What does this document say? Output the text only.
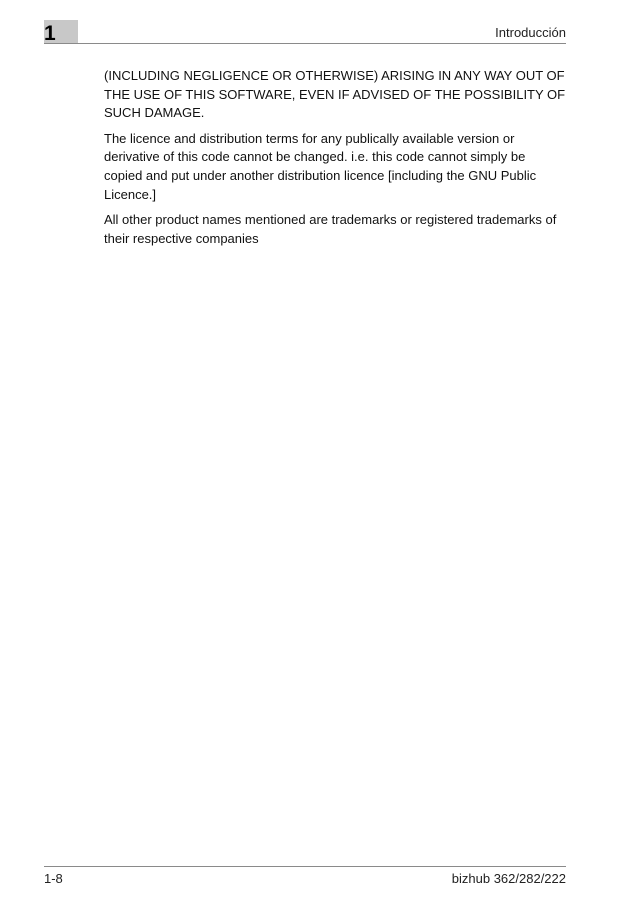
1	Introducción

(INCLUDING NEGLIGENCE OR OTHERWISE) ARISING IN ANY WAY OUT OF THE USE OF THIS SOFTWARE, EVEN IF ADVISED OF THE POSSIBILITY OF SUCH DAMAGE.

The licence and distribution terms for any publically available version or derivative of this code cannot be changed. i.e. this code cannot simply be copied and put under another distribution licence [including the GNU Public Licence.]

All other product names mentioned are trademarks or registered trademarks of their respective companies

1-8	bizhub 362/282/222
